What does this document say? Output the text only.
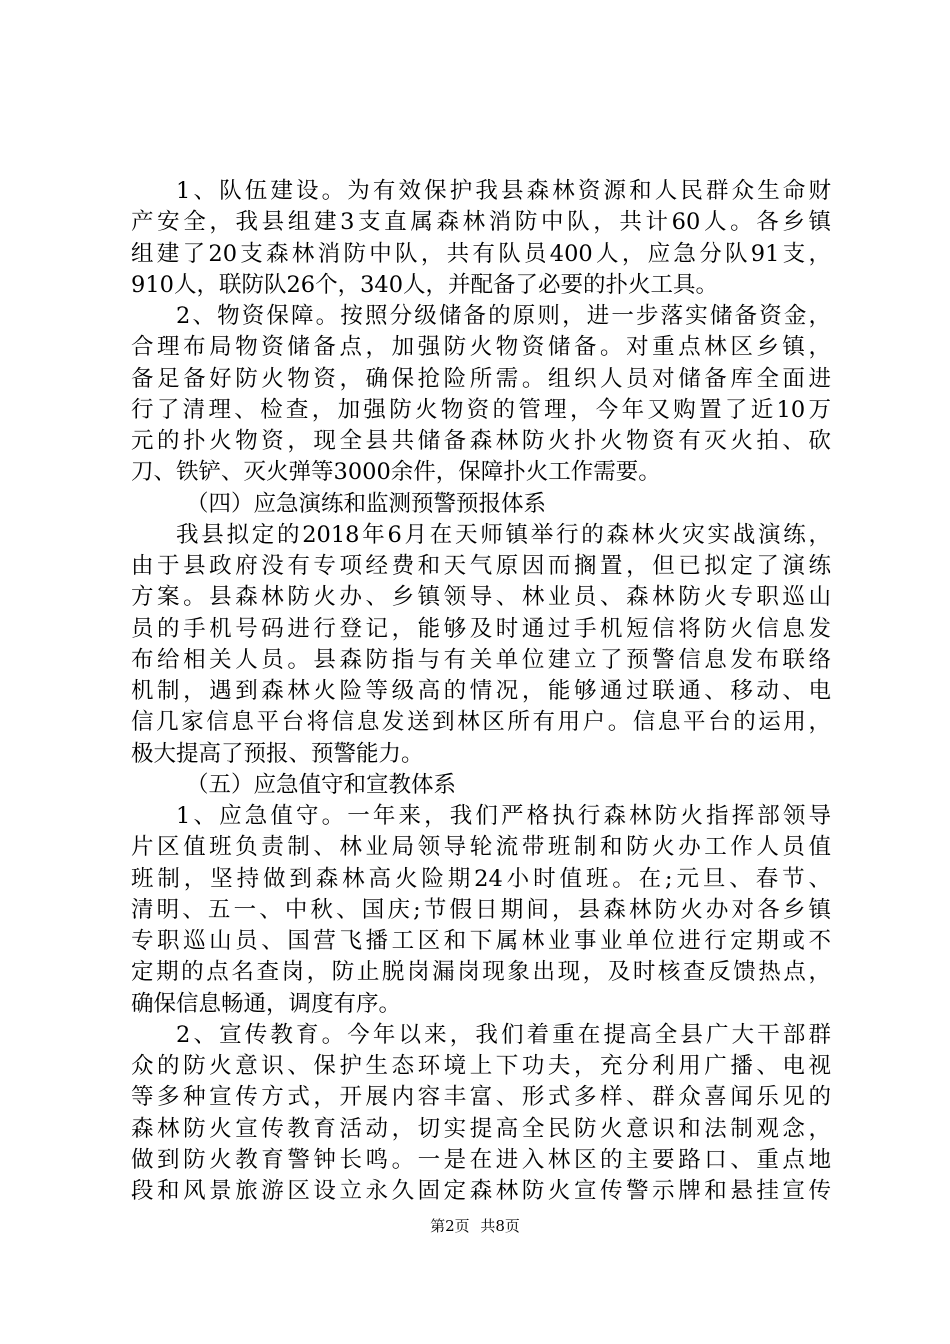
1、队伍建设。为有效保护我县森林资源和人民群众生命财
产安全，我县组建3支直属森林消防中队，共计60人。各乡镇
组建了20支森林消防中队，共有队员400人，应急分队91支，
910人，联防队26个，340人，并配备了必要的扑火工具。
2、物资保障。按照分级储备的原则，进一步落实储备资金，
合理布局物资储备点，加强防火物资储备。对重点林区乡镇，
备足备好防火物资，确保抢险所需。组织人员对储备库全面进
行了清理、检查，加强防火物资的管理，今年又购置了近10万
元的扑火物资，现全县共储备森林防火扑火物资有灭火拍、砍
刀、铁铲、灭火弹等3000余件，保障扑火工作需要。
（四）应急演练和监测预警预报体系
我县拟定的2018年6月在天师镇举行的森林火灾实战演练，
由于县政府没有专项经费和天气原因而搁置，但已拟定了演练
方案。县森林防火办、乡镇领导、林业员、森林防火专职巡山
员的手机号码进行登记，能够及时通过手机短信将防火信息发
布给相关人员。县森防指与有关单位建立了预警信息发布联络
机制，遇到森林火险等级高的情况，能够通过联通、移动、电
信几家信息平台将信息发送到林区所有用户。信息平台的运用，
极大提高了预报、预警能力。
（五）应急值守和宣教体系
1、应急值守。一年来，我们严格执行森林防火指挥部领导
片区值班负责制、林业局领导轮流带班制和防火办工作人员值
班制，坚持做到森林高火险期24小时值班。在;元旦、春节、
清明、五一、中秋、国庆;节假日期间，县森林防火办对各乡镇
专职巡山员、国营飞播工区和下属林业事业单位进行定期或不
定期的点名查岗，防止脱岗漏岗现象出现，及时核查反馈热点，
确保信息畅通，调度有序。
2、宣传教育。今年以来，我们着重在提高全县广大干部群
众的防火意识、保护生态环境上下功夫，充分利用广播、电视
等多种宣传方式，开展内容丰富、形式多样、群众喜闻乐见的
森林防火宣传教育活动，切实提高全民防火意识和法制观念，
做到防火教育警钟长鸣。一是在进入林区的主要路口、重点地
段和风景旅游区设立永久固定森林防火宣传警示牌和悬挂宣传
第2页 共8页
